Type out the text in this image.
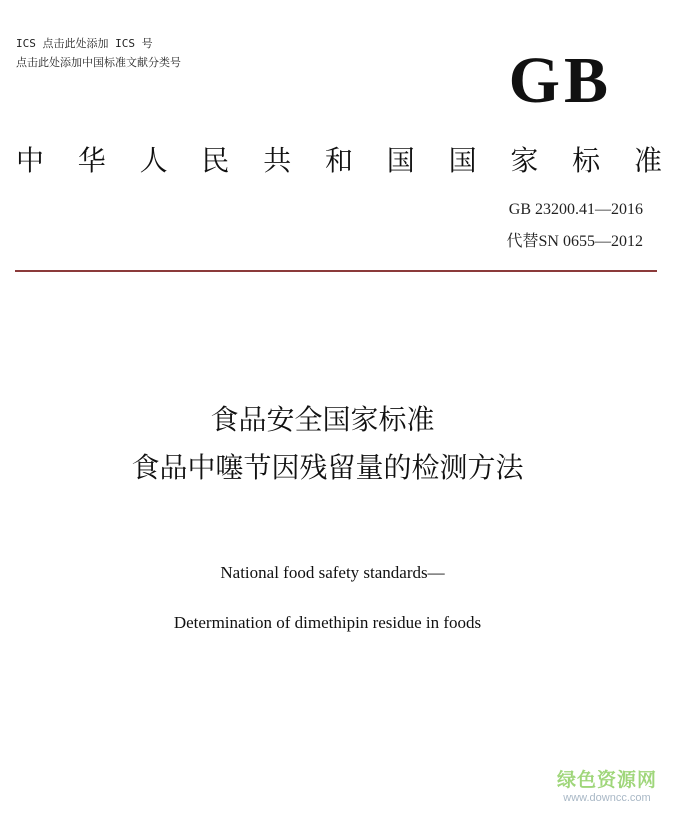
ICS 点击此处添加 ICS 号
点击此处添加中国标准文献分类号	GB
中 华 人 民 共 和 国 国 家 标 准
GB 23200.41—2016
代替SN 0655—2012
食品安全国家标准
食品中噻节因残留量的检测方法
National food safety standards—
Determination of dimethipin residue in foods
绿色资源网
www.downcc.com
